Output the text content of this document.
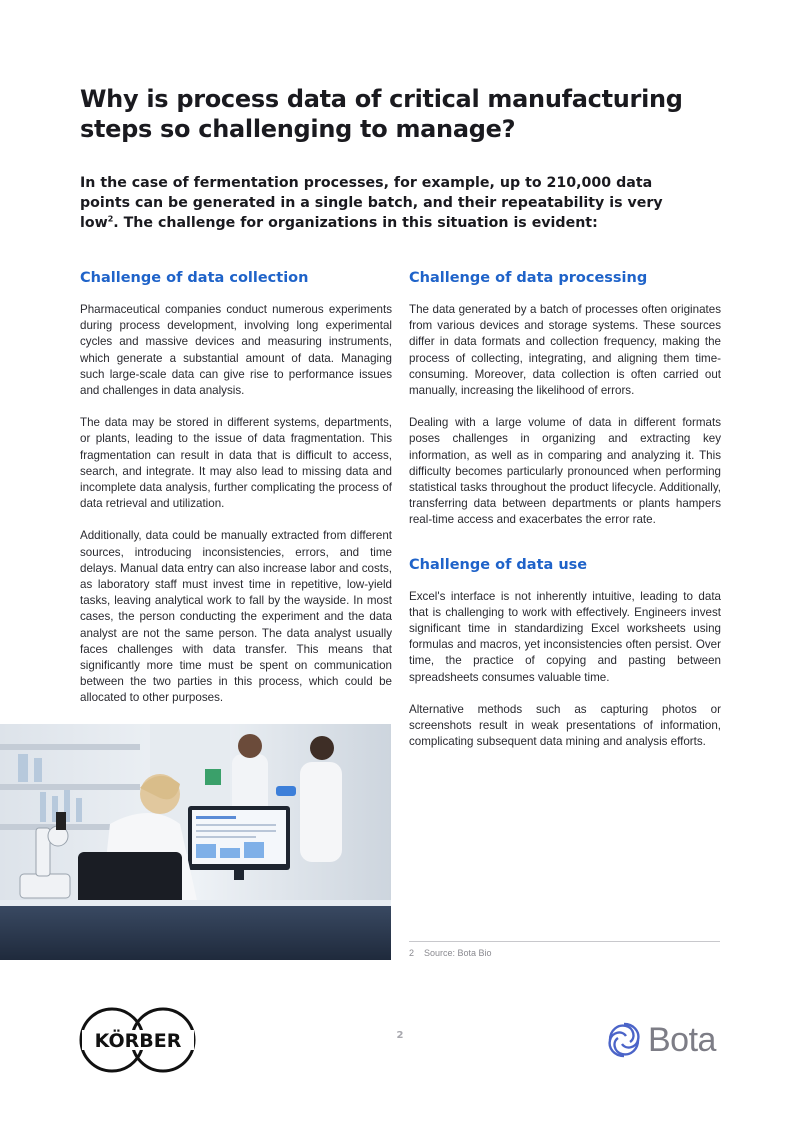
Why is process data of critical manufacturing steps so challenging to manage?

In the case of fermentation processes, for example, up to 210,000 data points can be generated in a single batch, and their repeatability is very low$^2$. The challenge for organizations in this situation is evident:

Challenge of data collection

Pharmaceutical companies conduct numerous experiments during process development, involving long experimental cycles and massive devices and measuring instruments, which generate a substantial amount of data. Managing such large-scale data can give rise to performance issues and challenges in data analysis.

The data may be stored in different systems, departments, or plants, leading to the issue of data fragmentation. This fragmentation can result in data that is difficult to access, search, and integrate. It may also lead to missing data and incomplete data analysis, further complicating the process of data retrieval and utilization.

Additionally, data could be manually extracted from different sources, introducing inconsistencies, errors, and time delays. Manual data entry can also increase labor and costs, as laboratory staff must invest time in repetitive, low-yield tasks, leaving analytical work to fall by the wayside. In most cases, the person conducting the experiment and the data analyst are not the same person. The data analyst usually faces challenges with data transfer. This means that significantly more time must be spent on communication between the two parties in this process, which could be allocated to other purposes.

Challenge of data processing

The data generated by a batch of processes often originates from various devices and storage systems. These sources differ in data formats and collection frequency, making the process of collecting, integrating, and aligning them time-consuming. Moreover, data collection is often carried out manually, increasing the likelihood of errors.

Dealing with a large volume of data in different formats poses challenges in organizing and extracting key information, as well as in comparing and analyzing it. This difficulty becomes particularly pronounced when performing statistical tasks throughout the product lifecycle. Additionally, transferring data between departments or plants hampers real-time access and exacerbates the error rate.

Challenge of data use

Excel's interface is not inherently intuitive, leading to data that is challenging to work with effectively. Engineers invest significant time in standardizing Excel worksheets using formulas and macros, yet inconsistencies often persist. Over time, the practice of copying and pasting between spreadsheets consumes valuable time.

Alternative methods such as capturing photos or screenshots result in weak presentations of information, complicating subsequent data mining and analysis efforts.

2 Source: Bota Bio
2
KÖRBER	Bota
